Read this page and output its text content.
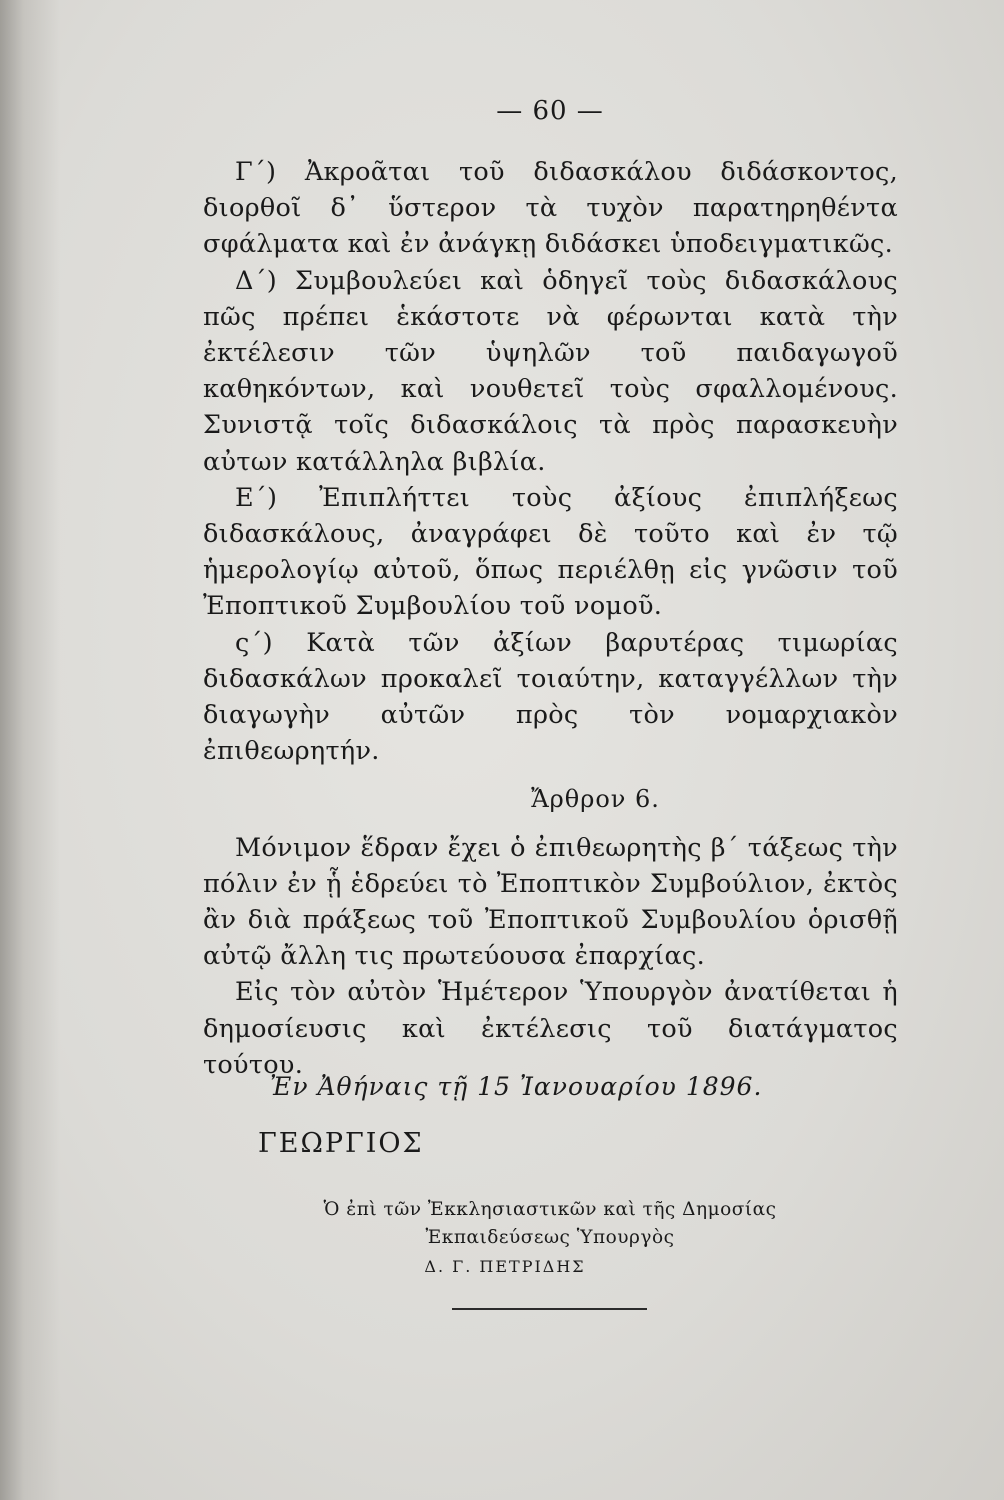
— 60 —

Γ΄) Ἀκροᾶται τοῦ διδασκάλου διδάσκοντος, διορθοῖ δ᾽ ὕστερον τὰ τυχὸν παρατηρηθέντα σφάλματα καὶ ἐν ἀνάγκῃ διδάσκει ὑποδειγματικῶς.

Δ΄) Συμβουλεύει καὶ ὁδηγεῖ τοὺς διδασκάλους πῶς πρέπει ἑκάστοτε νὰ φέρωνται κατὰ τὴν ἐκτέλεσιν τῶν ὑψηλῶν τοῦ παιδαγωγοῦ καθηκόντων, καὶ νουθετεῖ τοὺς σφαλλομένους. Συνιστᾷ τοῖς διδασκάλοις τὰ πρὸς παρασκευὴν αὐτων κατάλληλα βιβλία.

Ε΄) Ἐπιπλήττει τοὺς ἀξίους ἐπιπλήξεως διδασκάλους, ἀναγράφει δὲ τοῦτο καὶ ἐν τῷ ἡμερολογίῳ αὐτοῦ, ὅπως περιέλθῃ εἰς γνῶσιν τοῦ Ἐποπτικοῦ Συμβουλίου τοῦ νομοῦ.

ς΄) Κατὰ τῶν ἀξίων βαρυτέρας τιμωρίας διδασκάλων προκαλεῖ τοιαύτην, καταγγέλλων τὴν διαγωγὴν αὐτῶν πρὸς τὸν νομαρχιακὸν ἐπιθεωρητήν.

Ἄρθρον 6.

Μόνιμον ἕδραν ἔχει ὁ ἐπιθεωρητὴς β΄ τάξεως τὴν πόλιν ἐν ᾗ ἑδρεύει τὸ Ἐποπτικὸν Συμβούλιον, ἐκτὸς ἂν διὰ πράξεως τοῦ Ἐποπτικοῦ Συμβουλίου ὁρισθῇ αὐτῷ ἄλλη τις πρωτεύουσα ἐπαρχίας.

Εἰς τὸν αὐτὸν Ἡμέτερον Ὑπουργὸν ἀνατίθεται ἡ δημοσίευσις καὶ ἐκτέλεσις τοῦ διατάγματος τούτου.

Ἐν Ἀθήναις τῇ 15 Ἰανουαρίου 1896.
ΓΕΩΡΓΙΟΣ
Ὁ ἐπὶ τῶν Ἐκκλησιαστικῶν καὶ τῆς Δημοσίας
Ἐκπαιδεύσεως Ὑπουργὸς
Δ. Γ. ΠΕΤΡΙΔΗΣ
